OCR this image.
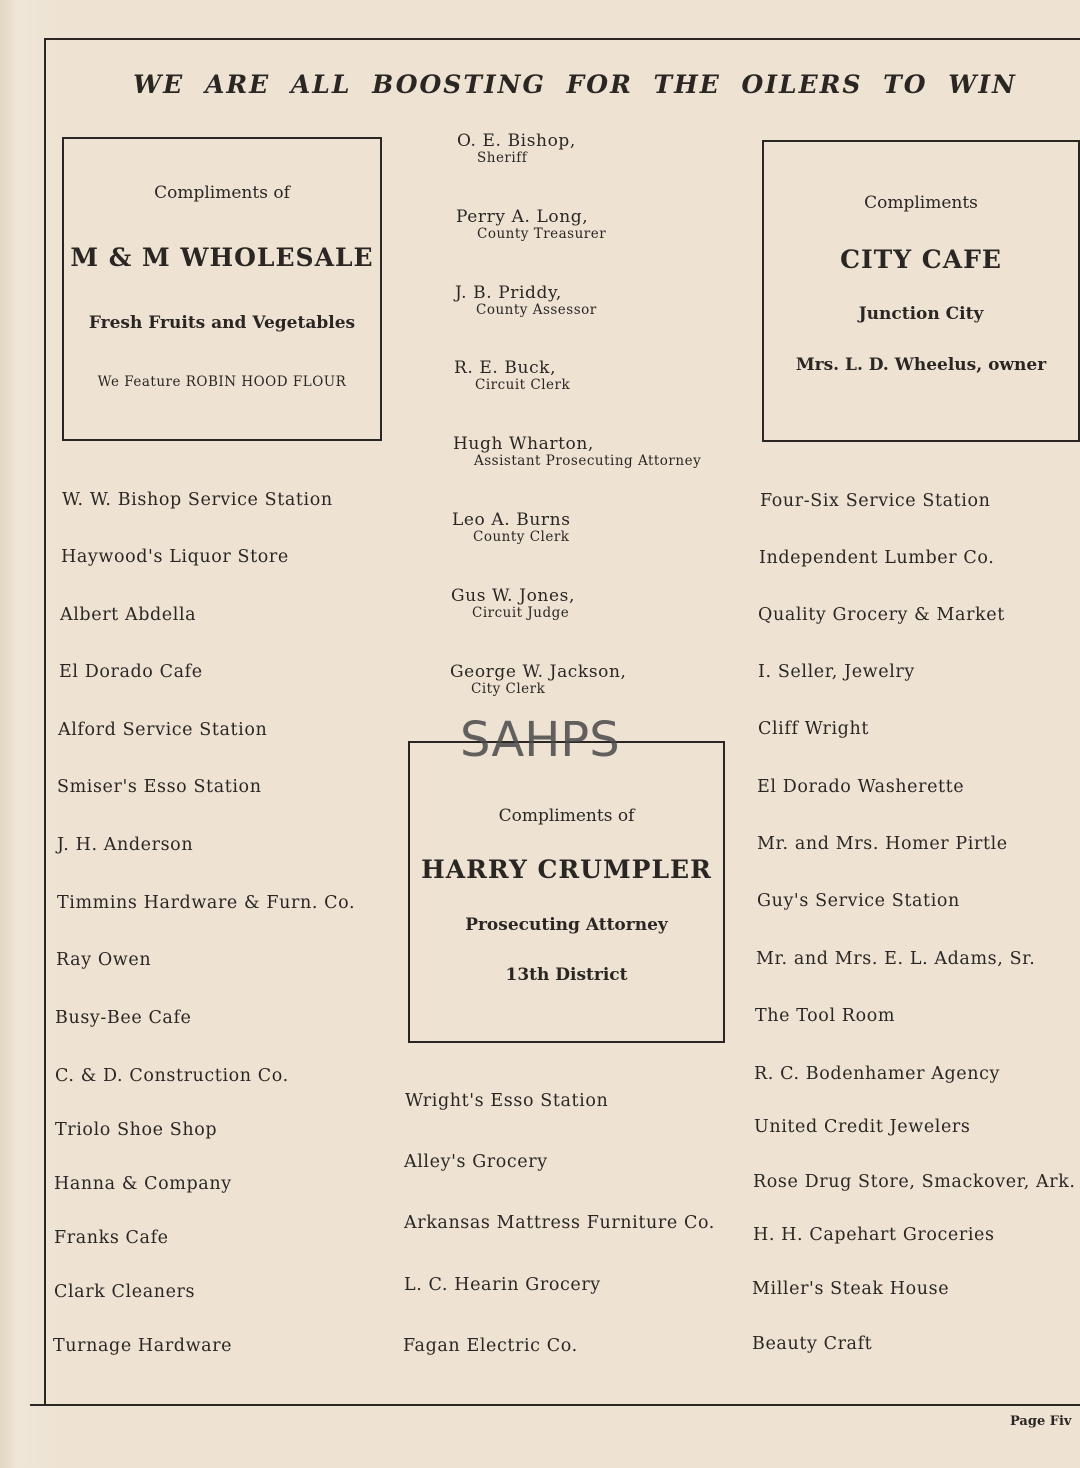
WE ARE ALL BOOSTING FOR THE OILERS TO WIN
Compliments of
M & M WHOLESALE
Fresh Fruits and Vegetables
We Feature ROBIN HOOD FLOUR
Compliments
CITY CAFE
Junction City
Mrs. L. D. Wheelus, owner
Compliments of
HARRY CRUMPLER
Prosecuting Attorney
13th District
O. E. Bishop,
Sheriff
Perry A. Long,
County Treasurer
J. B. Priddy,
County Assessor
R. E. Buck,
Circuit Clerk
Hugh Wharton,
Assistant Prosecuting Attorney
Leo A. Burns
County Clerk
Gus W. Jones,
Circuit Judge
George W. Jackson,
City Clerk
W. W. Bishop Service Station
Haywood's Liquor Store
Albert Abdella
El Dorado Cafe
Alford Service Station
Smiser's Esso Station
J. H. Anderson
Timmins Hardware & Furn. Co.
Ray Owen
Busy-Bee Cafe
C. & D. Construction Co.
Triolo Shoe Shop
Hanna & Company
Franks Cafe
Clark Cleaners
Turnage Hardware
Wright's Esso Station
Alley's Grocery
Arkansas Mattress Furniture Co.
L. C. Hearin Grocery
Fagan Electric Co.
Four-Six Service Station
Independent Lumber Co.
Quality Grocery & Market
I. Seller, Jewelry
Cliff Wright
El Dorado Washerette
Mr. and Mrs. Homer Pirtle
Guy's Service Station
Mr. and Mrs. E. L. Adams, Sr.
The Tool Room
R. C. Bodenhamer Agency
United Credit Jewelers
Rose Drug Store, Smackover, Ark.
H. H. Capehart Groceries
Miller's Steak House
Beauty Craft
SAHPS
Page Fiv
